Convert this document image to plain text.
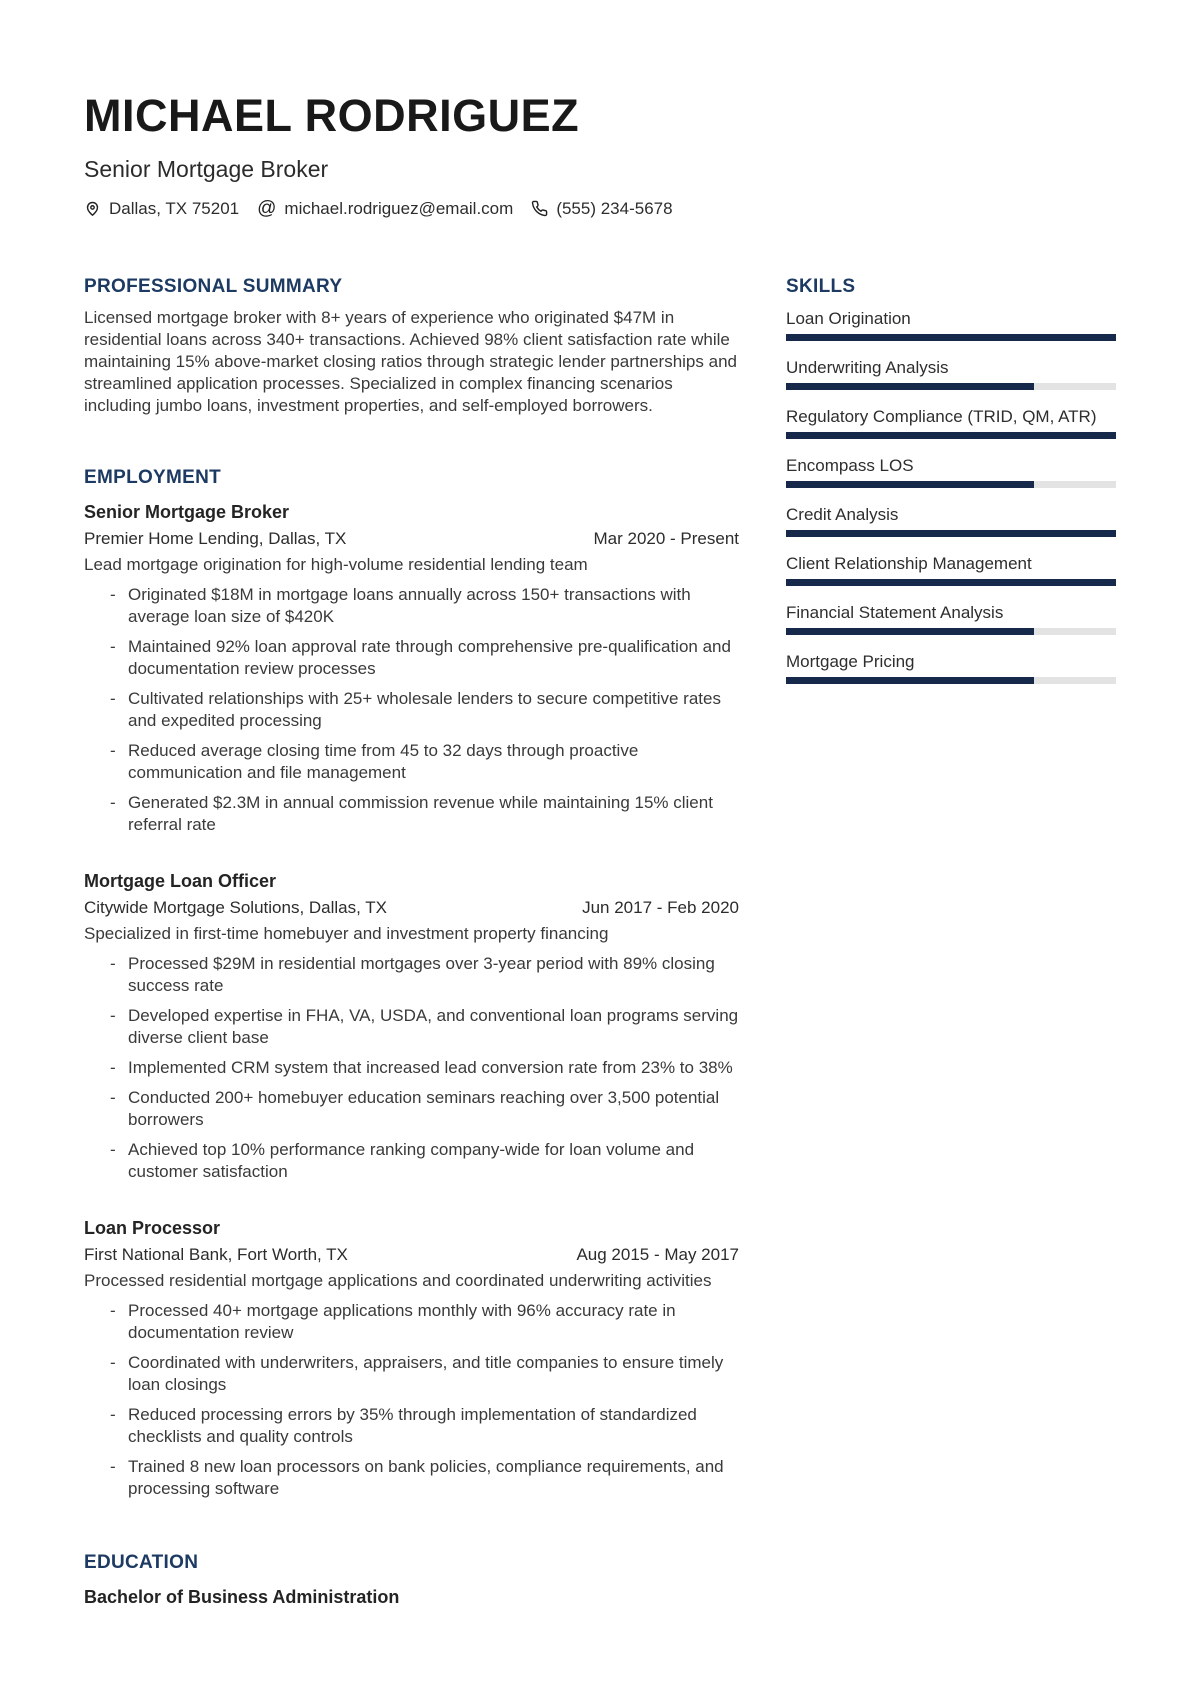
MICHAEL RODRIGUEZ
Senior Mortgage Broker
Dallas, TX 75201 @ michael.rodriguez@email.com	(555) 234-5678
PROFESSIONAL SUMMARY
Licensed mortgage broker with 8+ years of experience who originated $47M in residential loans across 340+ transactions. Achieved 98% client satisfaction rate while maintaining 15% above-market closing ratios through strategic lender partnerships and streamlined application processes. Specialized in complex financing scenarios including jumbo loans, investment properties, and self-employed borrowers.
EMPLOYMENT
Senior Mortgage Broker
Premier Home Lending, Dallas, TX	Mar 2020 - Present
Lead mortgage origination for high-volume residential lending team
- Originated $18M in mortgage loans annually across 150+ transactions with average loan size of $420K
- Maintained 92% loan approval rate through comprehensive pre-qualification and documentation review processes
- Cultivated relationships with 25+ wholesale lenders to secure competitive rates and expedited processing
- Reduced average closing time from 45 to 32 days through proactive communication and file management
- Generated $2.3M in annual commission revenue while maintaining 15% client referral rate
Mortgage Loan Officer
Citywide Mortgage Solutions, Dallas, TX	Jun 2017 - Feb 2020
Specialized in first-time homebuyer and investment property financing
- Processed $29M in residential mortgages over 3-year period with 89% closing success rate
- Developed expertise in FHA, VA, USDA, and conventional loan programs serving diverse client base
- Implemented CRM system that increased lead conversion rate from 23% to 38%
- Conducted 200+ homebuyer education seminars reaching over 3,500 potential borrowers
- Achieved top 10% performance ranking company-wide for loan volume and customer satisfaction
Loan Processor
First National Bank, Fort Worth, TX	Aug 2015 - May 2017
Processed residential mortgage applications and coordinated underwriting activities
- Processed 40+ mortgage applications monthly with 96% accuracy rate in documentation review
- Coordinated with underwriters, appraisers, and title companies to ensure timely loan closings
- Reduced processing errors by 35% through implementation of standardized checklists and quality controls
- Trained 8 new loan processors on bank policies, compliance requirements, and processing software
EDUCATION
Bachelor of Business Administration
SKILLS
Loan Origination
Underwriting Analysis
Regulatory Compliance (TRID, QM, ATR)
Encompass LOS
Credit Analysis
Client Relationship Management
Financial Statement Analysis
Mortgage Pricing
